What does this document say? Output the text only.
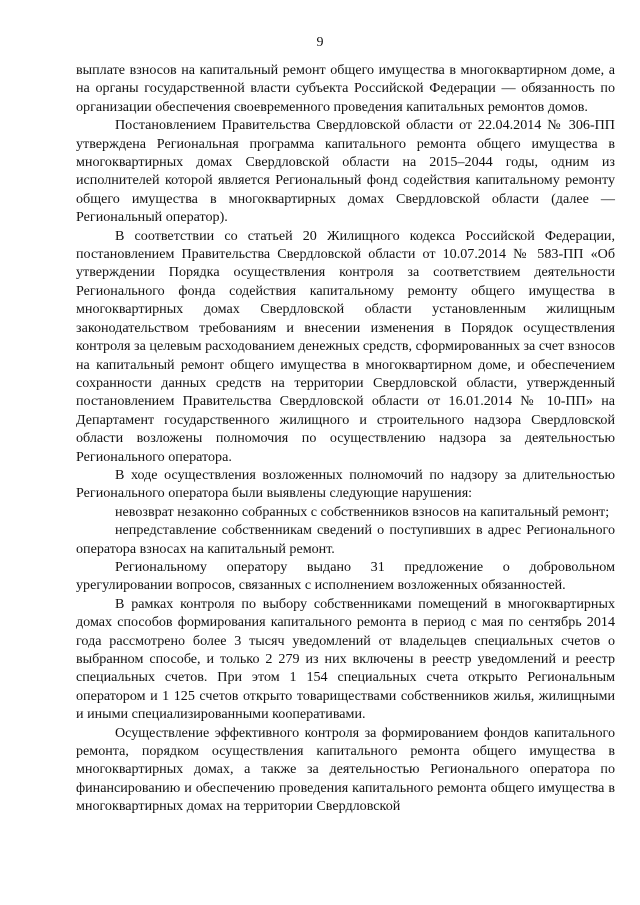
9

выплате взносов на капитальный ремонт общего имущества в многоквартирном доме, а на органы государственной власти субъекта Российской Федерации — обязанность по организации обеспечения своевременного проведения капитальных ремонтов домов.

Постановлением Правительства Свердловской области от 22.04.2014 № 306-ПП утверждена Региональная программа капитального ремонта общего имущества в многоквартирных домах Свердловской области на 2015–2044 годы, одним из исполнителей которой является Региональный фонд содействия капитальному ремонту общего имущества в многоквартирных домах Свердловской области (далее — Региональный оператор).

В соответствии со статьей 20 Жилищного кодекса Российской Федерации, постановлением Правительства Свердловской области от 10.07.2014 № 583-ПП «Об утверждении Порядка осуществления контроля за соответствием деятельности Регионального фонда содействия капитальному ремонту общего имущества в многоквартирных домах Свердловской области установленным жилищным законодательством требованиям и внесении изменения в Порядок осуществления контроля за целевым расходованием денежных средств, сформированных за счет взносов на капитальный ремонт общего имущества в многоквартирном доме, и обеспечением сохранности данных средств на территории Свердловской области, утвержденный постановлением Правительства Свердловской области от 16.01.2014 № 10-ПП» на Департамент государственного жилищного и строительного надзора Свердловской области возложены полномочия по осуществлению надзора за деятельностью Регионального оператора.

В ходе осуществления возложенных полномочий по надзору за длительностью Регионального оператора были выявлены следующие нарушения:

невозврат незаконно собранных с собственников взносов на капитальный ремонт;

непредставление собственникам сведений о поступивших в адрес Регионального оператора взносах на капитальный ремонт.

Региональному оператору выдано 31 предложение о добровольном урегулировании вопросов, связанных с исполнением возложенных обязанностей.

В рамках контроля по выбору собственниками помещений в многоквартирных домах способов формирования капитального ремонта в период с мая по сентябрь 2014 года рассмотрено более 3 тысяч уведомлений от владельцев специальных счетов о выбранном способе, и только 2 279 из них включены в реестр уведомлений и реестр специальных счетов. При этом 1 154 специальных счета открыто Региональным оператором и 1 125 счетов открыто товариществами собственников жилья, жилищными и иными специализированными кооперативами.

Осуществление эффективного контроля за формированием фондов капитального ремонта, порядком осуществления капитального ремонта общего имущества в многоквартирных домах, а также за деятельностью Регионального оператора по финансированию и обеспечению проведения капитального ремонта общего имущества в многоквартирных домах на территории Свердловской
